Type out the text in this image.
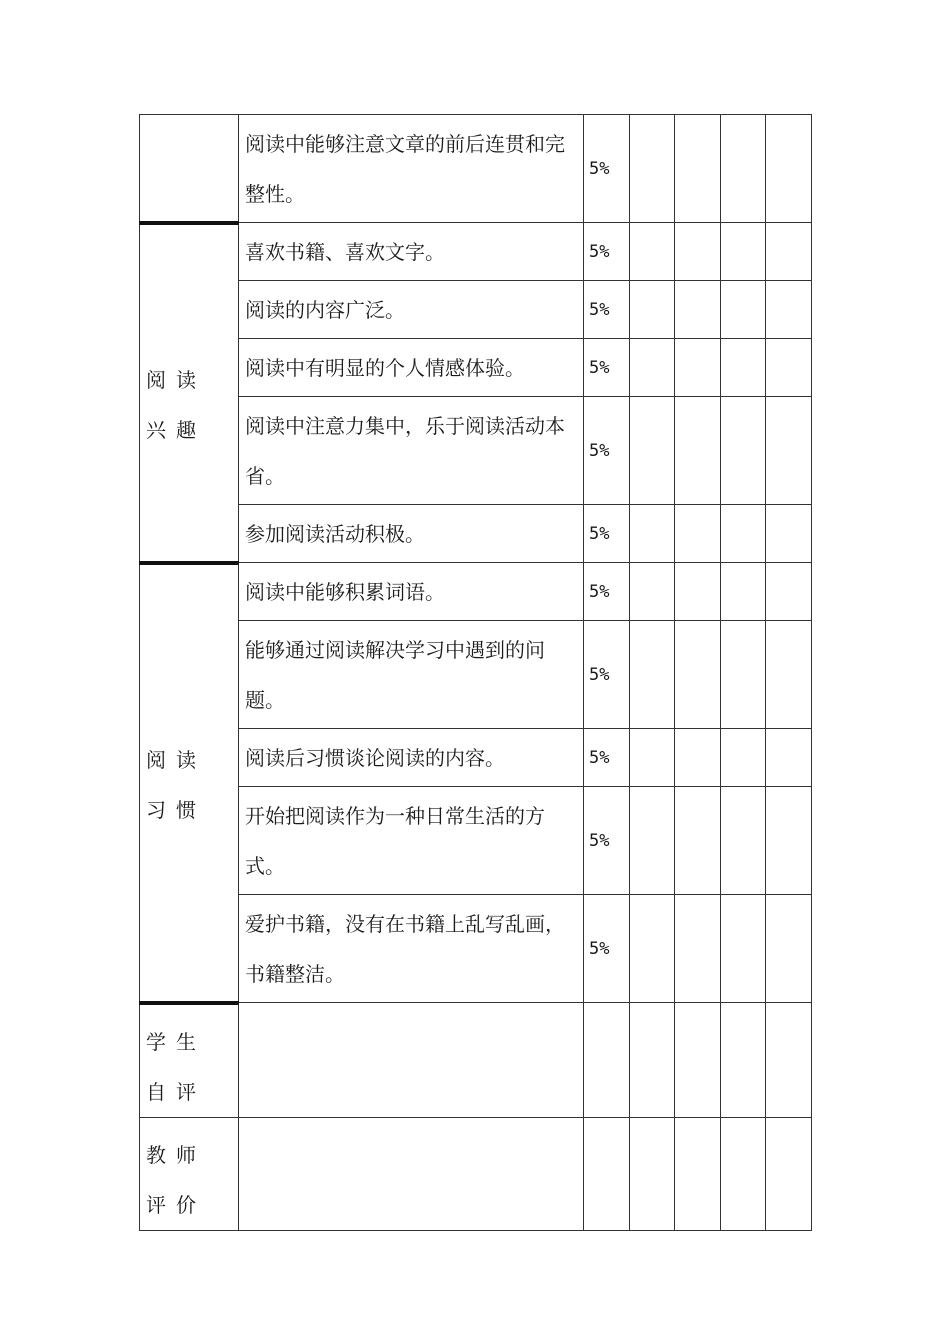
	阅读中能够注意文章的前后连贯和完整性。	5%				
阅读兴趣	喜欢书籍、喜欢文字。	5%				
	阅读的内容广泛。	5%				
	阅读中有明显的个人情感体验。	5%				
	阅读中注意力集中，乐于阅读活动本省。	5%				
	参加阅读活动积极。	5%				
阅读习惯	阅读中能够积累词语。	5%				
	能够通过阅读解决学习中遇到的问题。	5%				
	阅读后习惯谈论阅读的内容。	5%				
	开始把阅读作为一种日常生活的方式。	5%				
	爱护书籍，没有在书籍上乱写乱画，书籍整洁。	5%				
学生自评						
教师评价						
